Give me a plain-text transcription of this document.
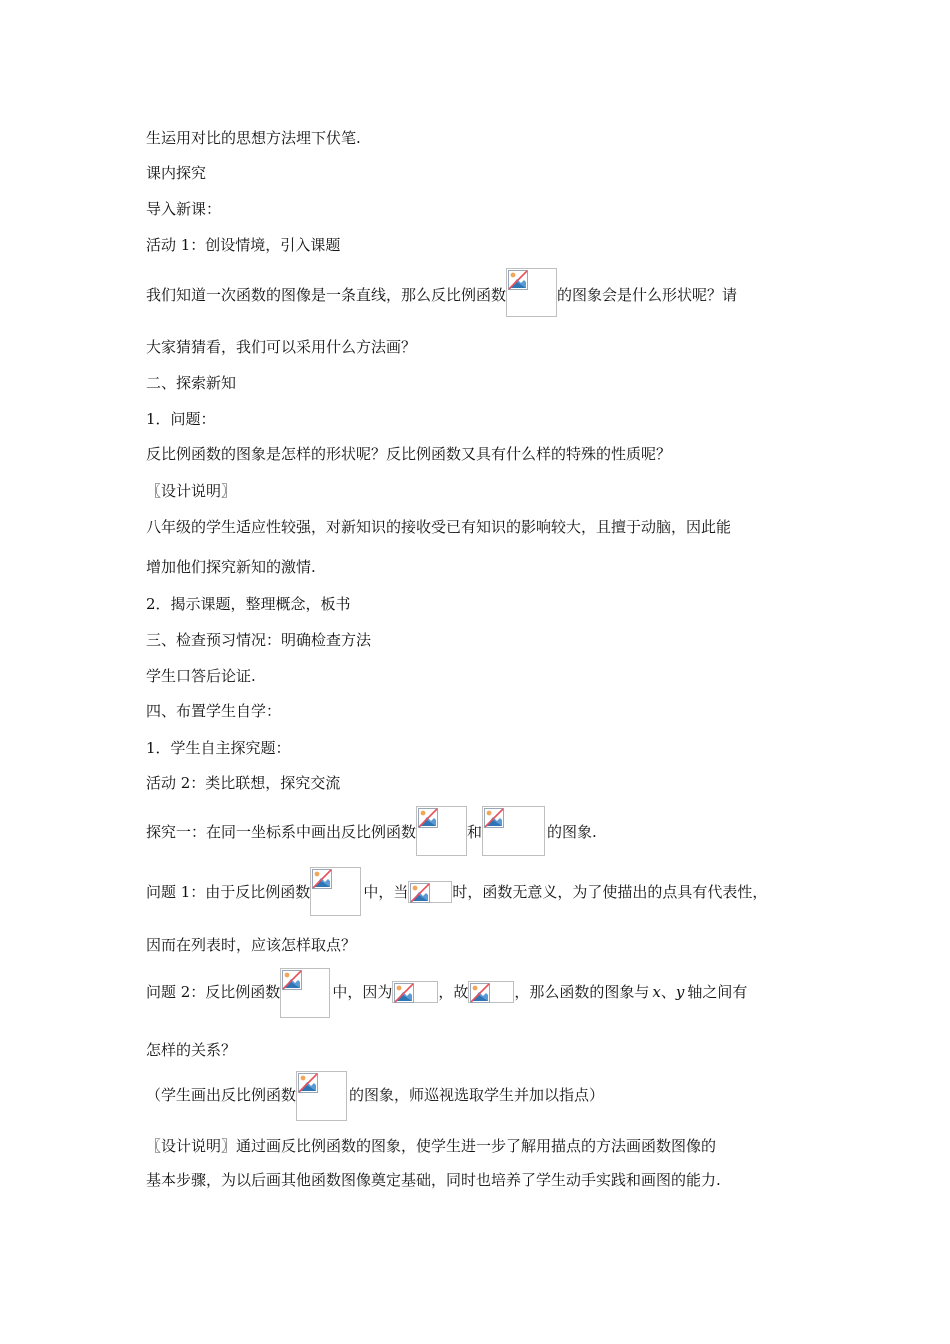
生运用对比的思想方法埋下伏笔.
课内探究
导入新课：
活动 1：创设情境，引入课题
我们知道一次函数的图像是一条直线，那么反比例函数	的图象会是什么形状呢？请
大家猜猜看，我们可以采用什么方法画？
二、探索新知
1．问题：
反比例函数的图象是怎样的形状呢？反比例函数又具有什么样的特殊的性质呢？
〖设计说明〗
八年级的学生适应性较强，对新知识的接收受已有知识的影响较大，且擅于动脑，因此能
增加他们探究新知的激情.
2．揭示课题，整理概念，板书
三、检查预习情况：明确检查方法
学生口答后论证.
四、布置学生自学：
1．学生自主探究题：
活动 2：类比联想，探究交流
探究一：在同一坐标系中画出反比例函数	和	的图象.
问题 1：由于反比例函数	中，当	时，函数无意义，为了使描出的点具有代表性，
因而在列表时，应该怎样取点？
问题 2：反比例函数	中，因为	，故	，那么函数的图象与 x 、 y 轴之间有
怎样的关系？
（学生画出反比例函数	的图象，师巡视选取学生并加以指点）
〖设计说明〗通过画反比例函数的图象，使学生进一步了解用描点的方法画函数图像的
基本步骤，为以后画其他函数图像奠定基础，同时也培养了学生动手实践和画图的能力.
